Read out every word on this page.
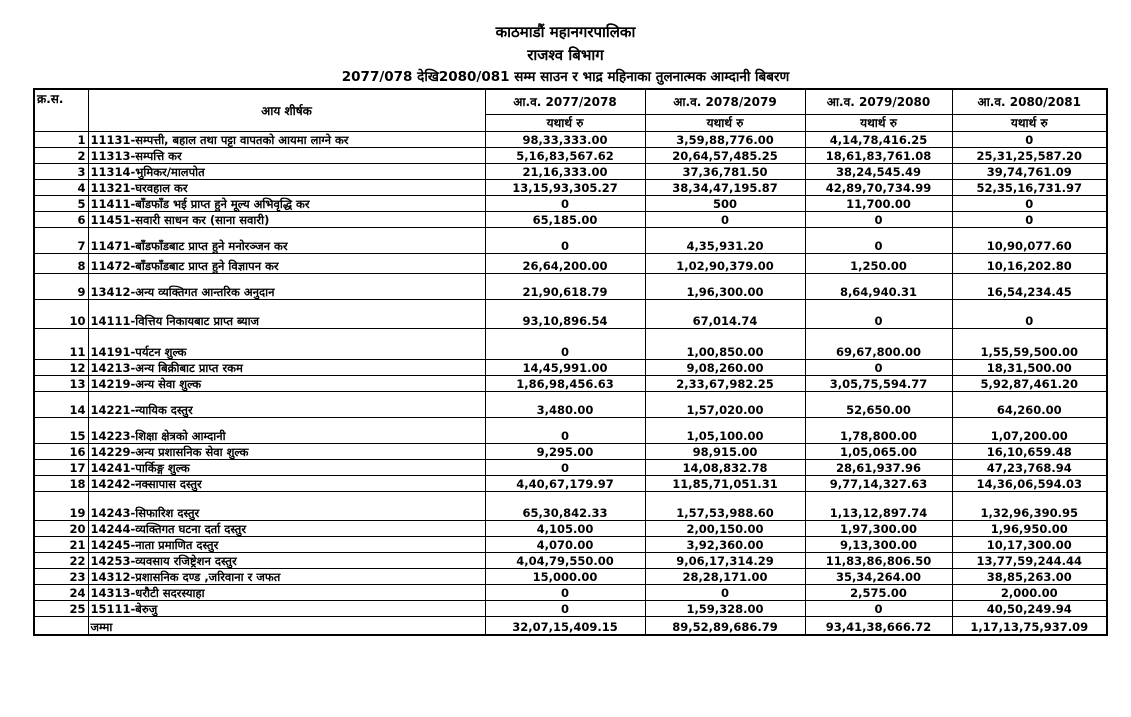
काठमाडौं महानगरपालिका
राजश्व बिभाग
2077/078 देखि2080/081 सम्म साउन र भाद्र महिनाका तुलनात्मक आम्दानी बिबरण
क्र.स.	आय शीर्षक	आ.व. 2077/2078	आ.व. 2078/2079	आ.व. 2079/2080	आ.व. 2080/2081
		यथार्थ रु	यथार्थ रु	यथार्थ रु	यथार्थ रु
1	11131-सम्पत्ती, बहाल तथा पट्टा वापतको आयमा लाग्ने कर	98,33,333.00	3,59,88,776.00	4,14,78,416.25	0
2	11313-सम्पत्ति कर	5,16,83,567.62	20,64,57,485.25	18,61,83,761.08	25,31,25,587.20
3	11314-भुमिकर/मालपोत	21,16,333.00	37,36,781.50	38,24,545.49	39,74,761.09
4	11321-घरवहाल कर	13,15,93,305.27	38,34,47,195.87	42,89,70,734.99	52,35,16,731.97
5	11411-बाँडफाँड भई प्राप्त हुने मूल्य अभिवृद्धि कर	0	500	11,700.00	0
6	11451-सवारी साधन कर (साना सवारी)	65,185.00	0	0	0
7	11471-बाँडफाँडबाट प्राप्त हुने मनोरञ्जन कर	0	4,35,931.20	0	10,90,077.60
8	11472-बाँडफाँडबाट प्राप्त हुने विज्ञापन कर	26,64,200.00	1,02,90,379.00	1,250.00	10,16,202.80
9	13412-अन्य व्यक्तिगत आन्तरिक अनुदान	21,90,618.79	1,96,300.00	8,64,940.31	16,54,234.45
10	14111-वित्तिय निकायबाट प्राप्त ब्याज	93,10,896.54	67,014.74	0	0
11	14191-पर्यटन शुल्क	0	1,00,850.00	69,67,800.00	1,55,59,500.00
12	14213-अन्य बिक्रीबाट प्राप्त रकम	14,45,991.00	9,08,260.00	0	18,31,500.00
13	14219-अन्य सेवा शुल्क	1,86,98,456.63	2,33,67,982.25	3,05,75,594.77	5,92,87,461.20
14	14221-न्यायिक दस्तुर	3,480.00	1,57,020.00	52,650.00	64,260.00
15	14223-शिक्षा क्षेत्रको आम्दानी	0	1,05,100.00	1,78,800.00	1,07,200.00
16	14229-अन्य प्रशासनिक सेवा शुल्क	9,295.00	98,915.00	1,05,065.00	16,10,659.48
17	14241-पार्किङ्ग शुल्क	0	14,08,832.78	28,61,937.96	47,23,768.94
18	14242-नक्सापास दस्तुर	4,40,67,179.97	11,85,71,051.31	9,77,14,327.63	14,36,06,594.03
19	14243-सिफारिश दस्तुर	65,30,842.33	1,57,53,988.60	1,13,12,897.74	1,32,96,390.95
20	14244-व्यक्तिगत घटना दर्ता दस्तुर	4,105.00	2,00,150.00	1,97,300.00	1,96,950.00
21	14245-नाता प्रमाणित दस्तुर	4,070.00	3,92,360.00	9,13,300.00	10,17,300.00
22	14253-व्यवसाय रजिष्ट्रेशन दस्तुर	4,04,79,550.00	9,06,17,314.29	11,83,86,806.50	13,77,59,244.44
23	14312-प्रशासनिक दण्ड ,जरिवाना र जफत	15,000.00	28,28,171.00	35,34,264.00	38,85,263.00
24	14313-धरौटी सदरस्याहा	0	0	2,575.00	2,000.00
25	15111-बेरुजु	0	1,59,328.00	0	40,50,249.94
	जम्मा	32,07,15,409.15	89,52,89,686.79	93,41,38,666.72	1,17,13,75,937.09
